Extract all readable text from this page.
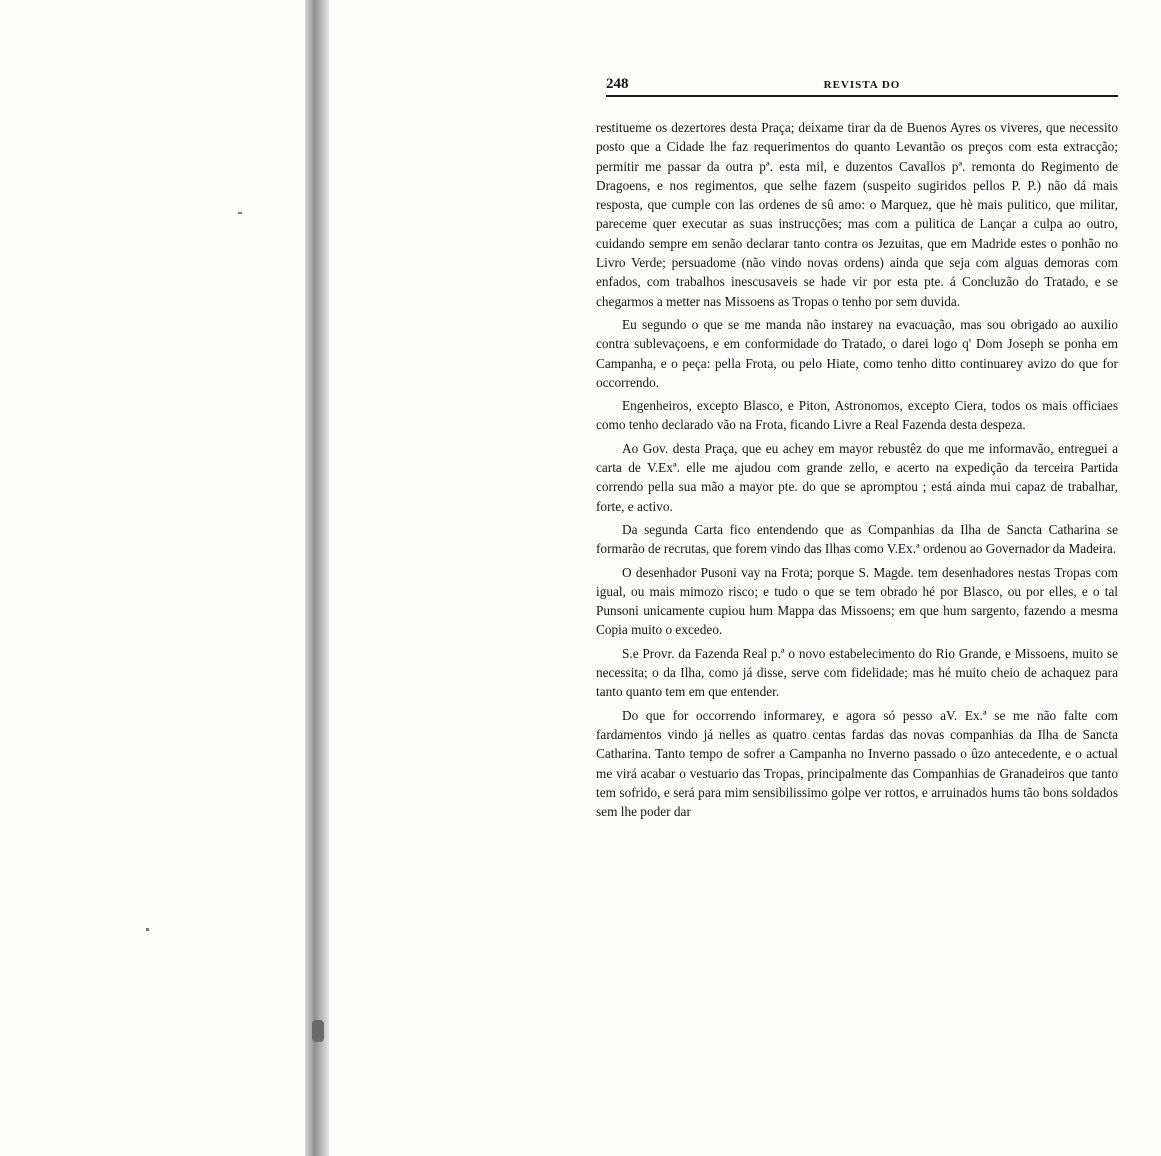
248	REVISTA DO

restitueme os dezertores desta Praça; deixame tirar da de Buenos Ayres os viveres, que necessito posto que a Cidade lhe faz requerimentos do quanto Levantão os preços com esta extracção; permitir me passar da outra pª. esta mil, e duzentos Cavallos pª. remonta do Regimento de Dragoens, e nos regimentos, que selhe fazem (suspeito sugiridos pellos P. P.) não dá mais resposta, que cumple con las ordenes de sû amo: o Marquez, que hè mais pulitico, que militar, pareceme quer executar as suas instrucções; mas com a pulitica de Lançar a culpa ao outro, cuidando sempre em senão declarar tanto contra os Jezuitas, que em Madride estes o ponhão no Livro Verde; persuadome (não vindo novas ordens) ainda que seja com alguas demoras com enfados, com trabalhos inescusaveis se hade vir por esta pte. á Concluzão do Tratado, e se chegarmos a metter nas Missoens as Tropas o tenho por sem duvida.

Eu segundo o que se me manda não instarey na evacuação, mas sou obrigado ao auxilio contra sublevaçoens, e em conformidade do Tratado, o darei logo q' Dom Joseph se ponha em Campanha, e o peça: pella Frota, ou pelo Hiate, como tenho ditto continuarey avizo do que for occorrendo.

Engenheiros, excepto Blasco, e Piton, Astronomos, excepto Ciera, todos os mais officiaes como tenho declarado vão na Frota, ficando Livre a Real Fazenda desta despeza.

Ao Gov. desta Praça, que eu achey em mayor rebustêz do que me informavão, entreguei a carta de V.Exª. elle me ajudou com grande zello, e acerto na expedição da terceira Partida correndo pella sua mão a mayor pte. do que se apromptou ; está ainda mui capaz de trabalhar, forte, e activo.

Da segunda Carta fico entendendo que as Companhias da Ilha de Sancta Catharina se formarão de recrutas, que forem vindo das Ilhas como V.Ex.ª ordenou ao Governador da Madeira.

O desenhador Pusoni vay na Frota; porque S. Magde. tem desenhadores nestas Tropas com igual, ou mais mimozo risco; e tudo o que se tem obrado hé por Blasco, ou por elles, e o tal Punsoni unicamente cupiou hum Mappa das Missoens; em que hum sargento, fazendo a mesma Copia muito o excedeo.

S.e Provr. da Fazenda Real p.ª o novo estabelecimento do Rio Grande, e Missoens, muito se necessita; o da Ilha, como já disse, serve com fidelidade; mas hé muito cheio de achaquez para tanto quanto tem em que entender.

Do que for occorrendo informarey, e agora só pesso aV. Ex.ª se me não falte com fardamentos vindo já nelles as quatro centas fardas das novas companhias da Ilha de Sancta Catharina. Tanto tempo de sofrer a Campanha no Inverno passado o ûzo antecedente, e o actual me virá acabar o vestuario das Tropas, principalmente das Companhias de Granadeiros que tanto tem sofrido, e será para mim sensibilissimo golpe ver rottos, e arruinados hums tão bons soldados sem lhe poder dar
